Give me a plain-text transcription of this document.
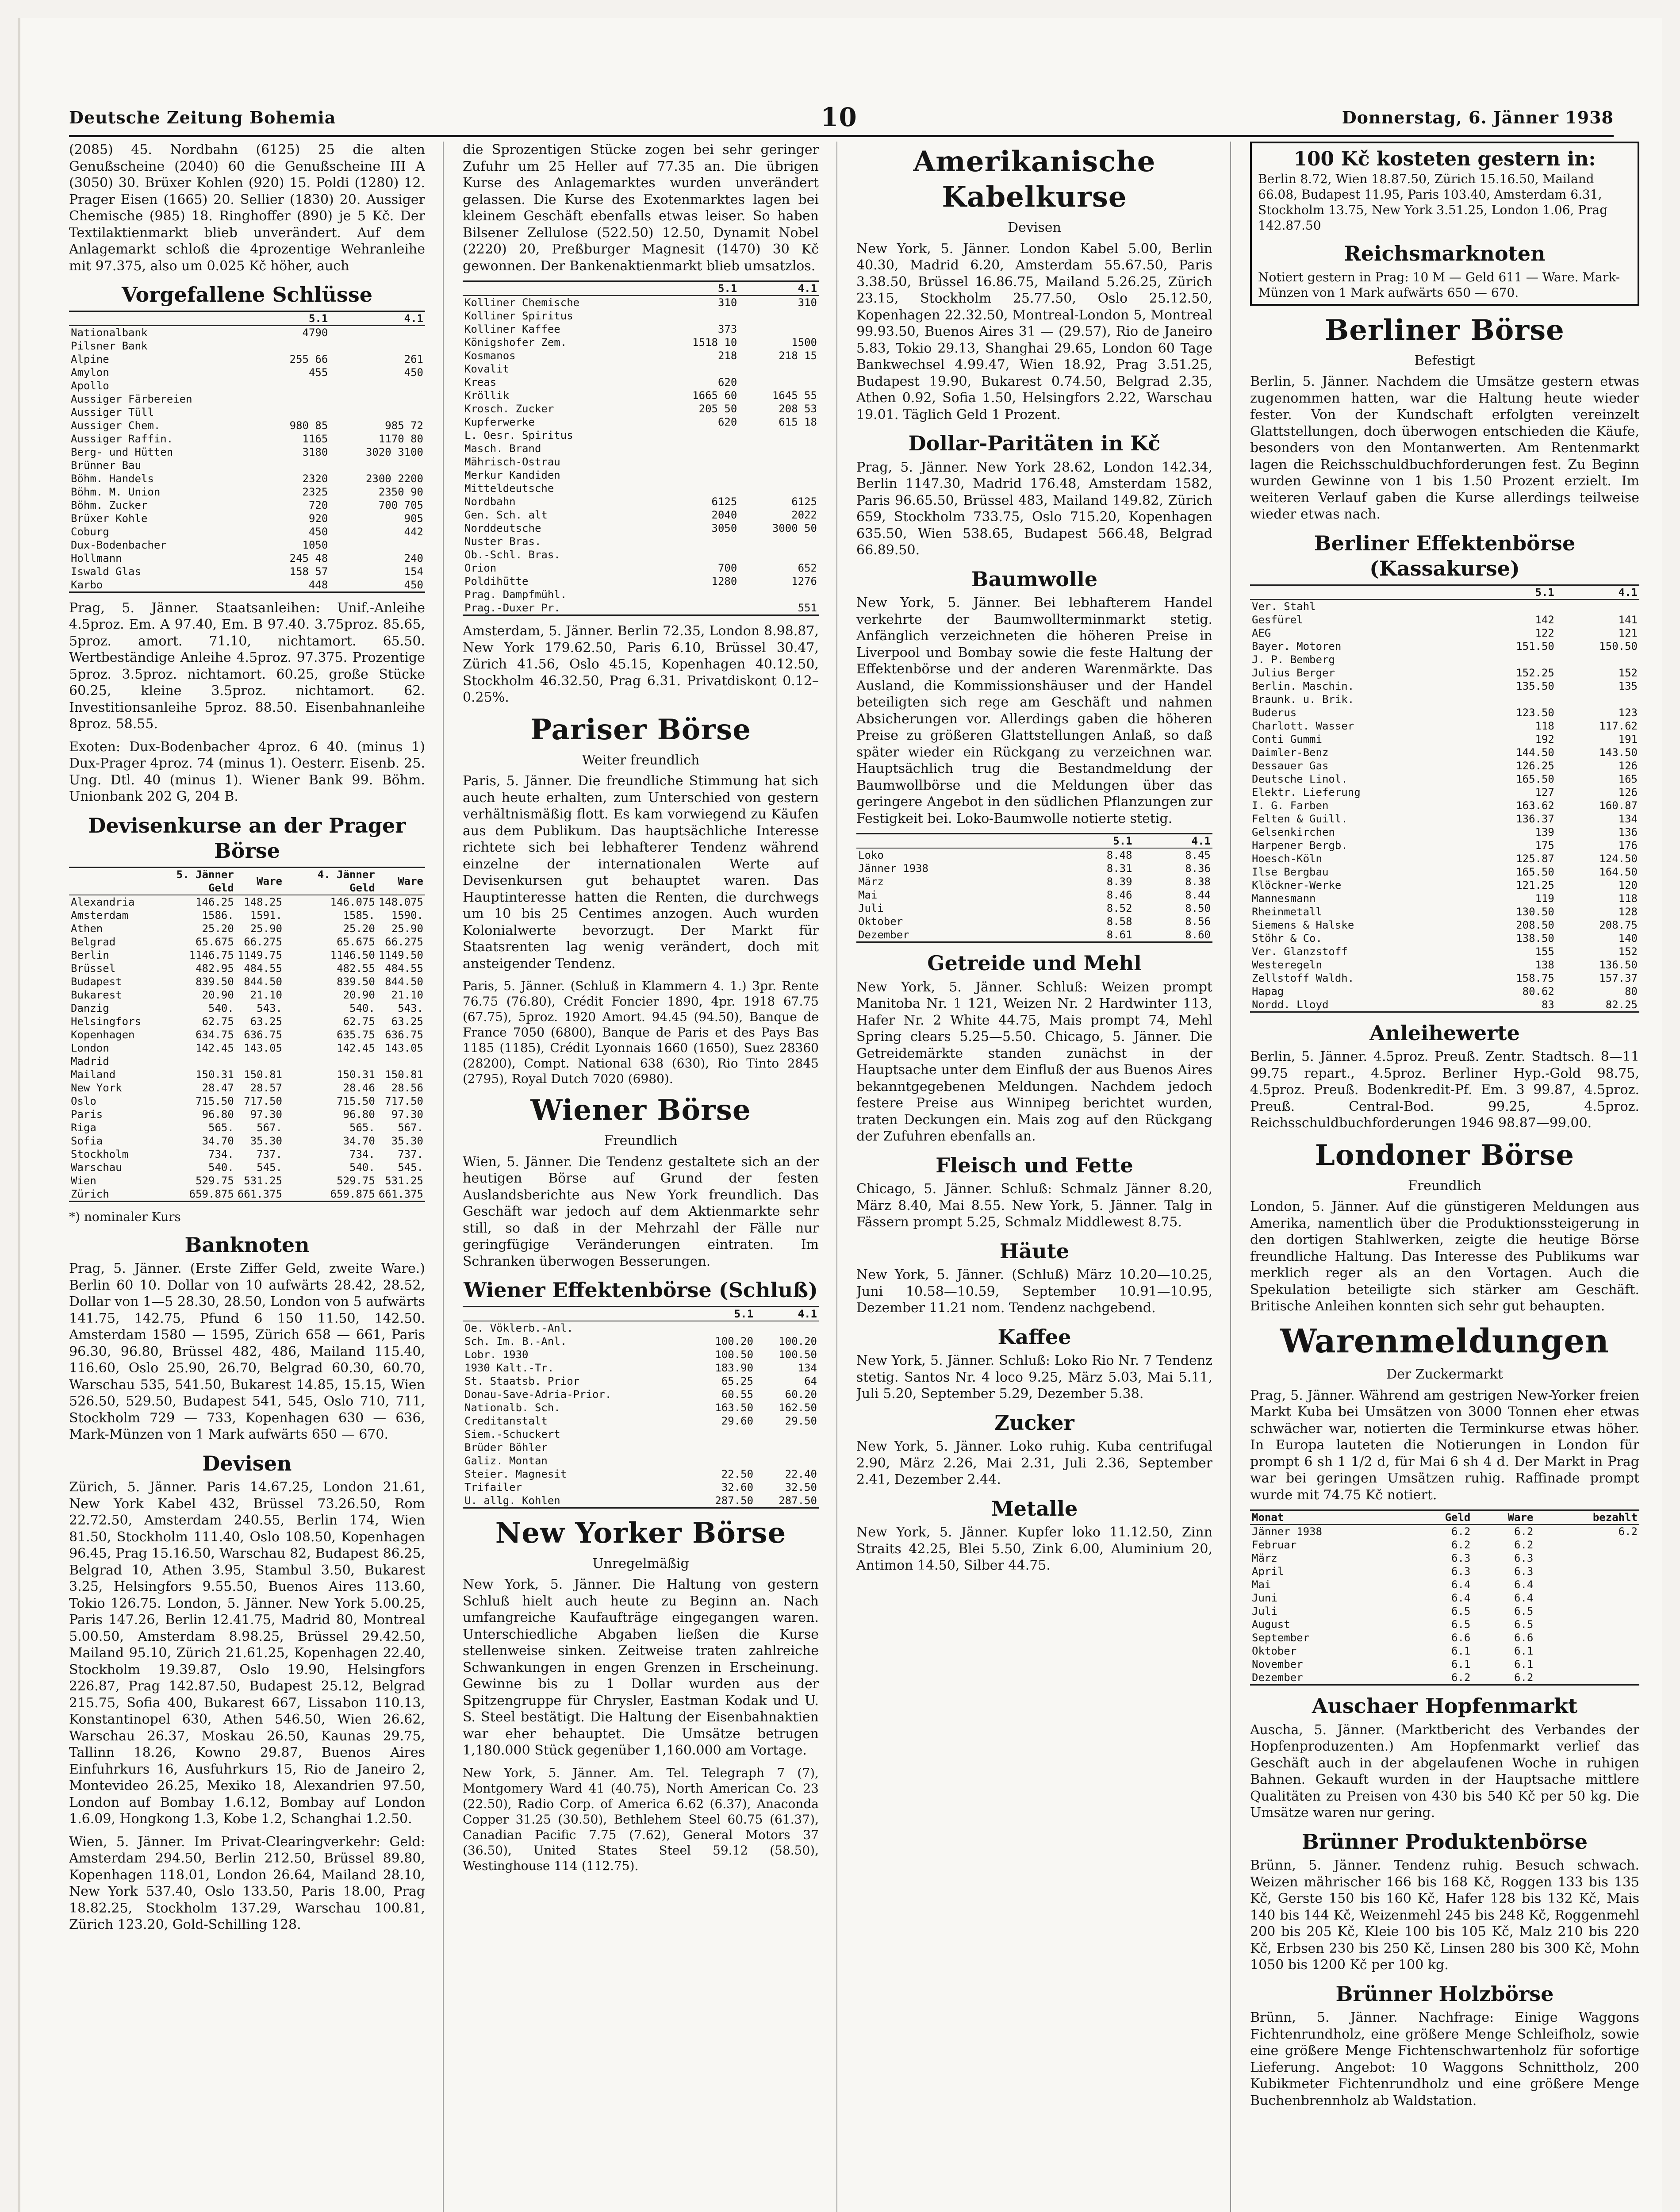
Deutsche Zeitung Bohemia	10	Donnerstag, 6. Jänner 1938

(2085) 45. Nordbahn (6125) 25 die alten Genußscheine (2040) 60 die Genußscheine III A (3050) 30. Brüxer Kohlen (920) 15. Poldi (1280) 12. Prager Eisen (1665) 20. Sellier (1830) 20. Aussiger Chemische (985) 18. Ringhoffer (890) je 5 Kč. Der Textilaktienmarkt blieb unverändert. Auf dem Anlagemarkt schloß die 4prozentige Wehranleihe mit 97.375, also um 0.025 Kč höher, auch

Vorgefallene Schlüsse
	5.1	4.1
Nationalbank	4790	
Pilsner Bank		
Alpine	255 66	261
Amylon	455	450
Apollo		
Aussiger Färbereien		
Aussiger Tüll		
Aussiger Chem.	980 85	985 72
Aussiger Raffin.	1165	1170 80
Berg- und Hütten	3180	3020 3100
Brünner Bau		
Böhm. Handels	2320	2300 2200
Böhm. M. Union	2325	2350 90
Böhm. Zucker	720	700 705
Brüxer Kohle	920	905
Coburg	450	442
Dux-Bodenbacher	1050	
Hollmann	245 48	240
Iswald Glas	158 57	154
Karbo	448	450

Prag, 5. Jänner. Staatsanleihen: Unif.-Anleihe 4.5proz. Em. A 97.40, Em. B 97.40. 3.75proz. 85.65, 5proz. amort. 71.10, nichtamort. 65.50. Wertbeständige Anleihe 4.5proz. 97.375. Prozentige 5proz. 3.5proz. nichtamort. 60.25, große Stücke 60.25, kleine 3.5proz. nichtamort. 62. Investitionsanleihe 5proz. 88.50. Eisenbahnanleihe 8proz. 58.55.

Exoten: Dux-Bodenbacher 4proz. 6 40. (minus 1) Dux-Prager 4proz. 74 (minus 1). Oesterr. Eisenb. 25. Ung. Dtl. 40 (minus 1). Wiener Bank 99. Böhm. Unionbank 202 G, 204 B.

Devisenkurse an der Prager Börse
	5. Jänner Geld	Ware	4. Jänner Geld	Ware
Alexandria	146.25	148.25	146.075	148.075
Amsterdam	1586.	1591.	1585.	1590.
Athen	25.20	25.90	25.20	25.90
Belgrad	65.675	66.275	65.675	66.275
Berlin	1146.75	1149.75	1146.50	1149.50
Brüssel	482.95	484.55	482.55	484.55
Budapest	839.50	844.50	839.50	844.50
Bukarest	20.90	21.10	20.90	21.10
Danzig	540.	543.	540.	543.
Helsingfors	62.75	63.25	62.75	63.25
Kopenhagen	634.75	636.75	635.75	636.75
London	142.45	143.05	142.45	143.05
Madrid				
Mailand	150.31	150.81	150.31	150.81
New York	28.47	28.57	28.46	28.56
Oslo	715.50	717.50	715.50	717.50
Paris	96.80	97.30	96.80	97.30
Riga	565.	567.	565.	567.
Sofia	34.70	35.30	34.70	35.30
Stockholm	734.	737.	734.	737.
Warschau	540.	545.	540.	545.
Wien	529.75	531.25	529.75	531.25
Zürich	659.875	661.375	659.875	661.375
*) nominaler Kurs
Banknoten

Prag, 5. Jänner. (Erste Ziffer Geld, zweite Ware.) Berlin 60 10. Dollar von 10 aufwärts 28.42, 28.52, Dollar von 1—5 28.30, 28.50, London von 5 aufwärts 141.75, 142.75, Pfund 6 150 11.50, 142.50. Amsterdam 1580 — 1595, Zürich 658 — 661, Paris 96.30, 96.80, Brüssel 482, 486, Mailand 115.40, 116.60, Oslo 25.90, 26.70, Belgrad 60.30, 60.70, Warschau 535, 541.50, Bukarest 14.85, 15.15, Wien 526.50, 529.50, Budapest 541, 545, Oslo 710, 711, Stockholm 729 — 733, Kopenhagen 630 — 636, Mark-Münzen von 1 Mark aufwärts 650 — 670.

Devisen

Zürich, 5. Jänner. Paris 14.67.25, London 21.61, New York Kabel 432, Brüssel 73.26.50, Rom 22.72.50, Amsterdam 240.55, Berlin 174, Wien 81.50, Stockholm 111.40, Oslo 108.50, Kopenhagen 96.45, Prag 15.16.50, Warschau 82, Budapest 86.25, Belgrad 10, Athen 3.95, Stambul 3.50, Bukarest 3.25, Helsingfors 9.55.50, Buenos Aires 113.60, Tokio 126.75. London, 5. Jänner. New York 5.00.25, Paris 147.26, Berlin 12.41.75, Madrid 80, Montreal 5.00.50, Amsterdam 8.98.25, Brüssel 29.42.50, Mailand 95.10, Zürich 21.61.25, Kopenhagen 22.40, Stockholm 19.39.87, Oslo 19.90, Helsingfors 226.87, Prag 142.87.50, Budapest 25.12, Belgrad 215.75, Sofia 400, Bukarest 667, Lissabon 110.13, Konstantinopel 630, Athen 546.50, Wien 26.62, Warschau 26.37, Moskau 26.50, Kaunas 29.75, Tallinn 18.26, Kowno 29.87, Buenos Aires Einfuhrkurs 16, Ausfuhrkurs 15, Rio de Janeiro 2, Montevideo 26.25, Mexiko 18, Alexandrien 97.50, London auf Bombay 1.6.12, Bombay auf London 1.6.09, Hongkong 1.3, Kobe 1.2, Schanghai 1.2.50.

Wien, 5. Jänner. Im Privat-Clearingverkehr: Geld: Amsterdam 294.50, Berlin 212.50, Brüssel 89.80, Kopenhagen 118.01, London 26.64, Mailand 28.10, New York 537.40, Oslo 133.50, Paris 18.00, Prag 18.82.25, Stockholm 137.29, Warschau 100.81, Zürich 123.20, Gold-Schilling 128.

die Sprozentigen Stücke zogen bei sehr geringer Zufuhr um 25 Heller auf 77.35 an. Die übrigen Kurse des Anlagemarktes wurden unverändert gelassen. Die Kurse des Exotenmarktes lagen bei kleinem Geschäft ebenfalls etwas leiser. So haben Bilsener Zellulose (522.50) 12.50, Dynamit Nobel (2220) 20, Preßburger Magnesit (1470) 30 Kč gewonnen. Der Bankenaktienmarkt blieb umsatzlos.

	5.1	4.1
Kolliner Chemische	310	310
Kolliner Spiritus		
Kolliner Kaffee	373	
Königshofer Zem.	1518 10	1500
Kosmanos	218	218 15
Kovalit		
Kreas	620	
Kröllik	1665 60	1645 55
Krosch. Zucker	205 50	208 53
Kupferwerke	620	615 18
L. Oesr. Spiritus		
Masch. Brand		
Mährisch-Ostrau		
Merkur Kandiden		
Mitteldeutsche		
Nordbahn	6125	6125
Gen. Sch. alt	2040	2022
Norddeutsche	3050	3000 50
Nuster Bras.		
Ob.-Schl. Bras.		
Orion	700	652
Poldihütte	1280	1276
Prag. Dampfmühl.		
Prag.-Duxer Pr.		551

Amsterdam, 5. Jänner. Berlin 72.35, London 8.98.87, New York 179.62.50, Paris 6.10, Brüssel 30.47, Zürich 41.56, Oslo 45.15, Kopenhagen 40.12.50, Stockholm 46.32.50, Prag 6.31. Privatdiskont 0.12–0.25%.

Pariser Börse
Weiter freundlich

Paris, 5. Jänner. Die freundliche Stimmung hat sich auch heute erhalten, zum Unterschied von gestern verhältnismäßig flott. Es kam vorwiegend zu Käufen aus dem Publikum. Das hauptsächliche Interesse richtete sich bei lebhafterer Tendenz während einzelne der internationalen Werte auf Devisenkursen gut behauptet waren. Das Hauptinteresse hatten die Renten, die durchwegs um 10 bis 25 Centimes anzogen. Auch wurden Kolonialwerte bevorzugt. Der Markt für Staatsrenten lag wenig verändert, doch mit ansteigender Tendenz.

Paris, 5. Jänner. (Schluß in Klammern 4. 1.) 3pr. Rente 76.75 (76.80), Crédit Foncier 1890, 4pr. 1918 67.75 (67.75), 5proz. 1920 Amort. 94.45 (94.50), Banque de France 7050 (6800), Banque de Paris et des Pays Bas 1185 (1185), Crédit Lyonnais 1660 (1650), Suez 28360 (28200), Compt. National 638 (630), Rio Tinto 2845 (2795), Royal Dutch 7020 (6980).

Wiener Börse
Freundlich

Wien, 5. Jänner. Die Tendenz gestaltete sich an der heutigen Börse auf Grund der festen Auslandsberichte aus New York freundlich. Das Geschäft war jedoch auf dem Aktienmarkte sehr still, so daß in der Mehrzahl der Fälle nur geringfügige Veränderungen eintraten. Im Schranken überwogen Besserungen.

Wiener Effektenbörse (Schluß)
	5.1	4.1
Oe. Vöklerb.-Anl.		
Sch. Im. B.-Anl.	100.20	100.20
Lobr. 1930	100.50	100.50
1930 Kalt.-Tr.	183.90	134
St. Staatsb. Prior	65.25	64
Donau-Save-Adria-Prior.	60.55	60.20
Nationalb. Sch.	163.50	162.50
Creditanstalt	29.60	29.50
Siem.-Schuckert		
Brüder Böhler		
Galiz. Montan		
Steier. Magnesit	22.50	22.40
Trifailer	32.60	32.50
U. allg. Kohlen	287.50	287.50
New Yorker Börse
Unregelmäßig

New York, 5. Jänner. Die Haltung von gestern Schluß hielt auch heute zu Beginn an. Nach umfangreiche Kaufaufträge eingegangen waren. Unterschiedliche Abgaben ließen die Kurse stellenweise sinken. Zeitweise traten zahlreiche Schwankungen in engen Grenzen in Erscheinung. Gewinne bis zu 1 Dollar wurden aus der Spitzengruppe für Chrysler, Eastman Kodak und U. S. Steel bestätigt. Die Haltung der Eisenbahnaktien war eher behauptet. Die Umsätze betrugen 1,180.000 Stück gegenüber 1,160.000 am Vortage.

New York, 5. Jänner. Am. Tel. Telegraph 7 (7), Montgomery Ward 41 (40.75), North American Co. 23 (22.50), Radio Corp. of America 6.62 (6.37), Anaconda Copper 31.25 (30.50), Bethlehem Steel 60.75 (61.37), Canadian Pacific 7.75 (7.62), General Motors 37 (36.50), United States Steel 59.12 (58.50), Westinghouse 114 (112.75).

Amerikanische Kabelkurse
Devisen

New York, 5. Jänner. London Kabel 5.00, Berlin 40.30, Madrid 6.20, Amsterdam 55.67.50, Paris 3.38.50, Brüssel 16.86.75, Mailand 5.26.25, Zürich 23.15, Stockholm 25.77.50, Oslo 25.12.50, Kopenhagen 22.32.50, Montreal-London 5, Montreal 99.93.50, Buenos Aires 31 — (29.57), Rio de Janeiro 5.83, Tokio 29.13, Shanghai 29.65, London 60 Tage Bankwechsel 4.99.47, Wien 18.92, Prag 3.51.25, Budapest 19.90, Bukarest 0.74.50, Belgrad 2.35, Athen 0.92, Sofia 1.50, Helsingfors 2.22, Warschau 19.01. Täglich Geld 1 Prozent.

Dollar-Paritäten in Kč

Prag, 5. Jänner. New York 28.62, London 142.34, Berlin 1147.30, Madrid 176.48, Amsterdam 1582, Paris 96.65.50, Brüssel 483, Mailand 149.82, Zürich 659, Stockholm 733.75, Oslo 715.20, Kopenhagen 635.50, Wien 538.65, Budapest 566.48, Belgrad 66.89.50.

Baumwolle

New York, 5. Jänner. Bei lebhafterem Handel verkehrte der Baumwollterminmarkt stetig. Anfänglich verzeichneten die höheren Preise in Liverpool und Bombay sowie die feste Haltung der Effektenbörse und der anderen Warenmärkte. Das Ausland, die Kommissionshäuser und der Handel beteiligten sich rege am Geschäft und nahmen Absicherungen vor. Allerdings gaben die höheren Preise zu größeren Glattstellungen Anlaß, so daß später wieder ein Rückgang zu verzeichnen war. Hauptsächlich trug die Bestandmeldung der Baumwollbörse und die Meldungen über das geringere Angebot in den südlichen Pflanzungen zur Festigkeit bei. Loko-Baumwolle notierte stetig.

	5.1	4.1
Loko	8.48	8.45
Jänner 1938	8.31	8.36
März	8.39	8.38
Mai	8.46	8.44
Juli	8.52	8.50
Oktober	8.58	8.56
Dezember	8.61	8.60
Getreide und Mehl

New York, 5. Jänner. Schluß: Weizen prompt Manitoba Nr. 1 121, Weizen Nr. 2 Hardwinter 113, Hafer Nr. 2 White 44.75, Mais prompt 74, Mehl Spring clears 5.25—5.50. Chicago, 5. Jänner. Die Getreidemärkte standen zunächst in der Hauptsache unter dem Einfluß der aus Buenos Aires bekanntgegebenen Meldungen. Nachdem jedoch festere Preise aus Winnipeg berichtet wurden, traten Deckungen ein. Mais zog auf den Rückgang der Zufuhren ebenfalls an.

Fleisch und Fette

Chicago, 5. Jänner. Schluß: Schmalz Jänner 8.20, März 8.40, Mai 8.55. New York, 5. Jänner. Talg in Fässern prompt 5.25, Schmalz Middlewest 8.75.

Häute

New York, 5. Jänner. (Schluß) März 10.20—10.25, Juni 10.58—10.59, September 10.91—10.95, Dezember 11.21 nom. Tendenz nachgebend.

Kaffee

New York, 5. Jänner. Schluß: Loko Rio Nr. 7 Tendenz stetig. Santos Nr. 4 loco 9.25, März 5.03, Mai 5.11, Juli 5.20, September 5.29, Dezember 5.38.

Zucker

New York, 5. Jänner. Loko ruhig. Kuba centrifugal 2.90, März 2.26, Mai 2.31, Juli 2.36, September 2.41, Dezember 2.44.

Metalle

New York, 5. Jänner. Kupfer loko 11.12.50, Zinn Straits 42.25, Blei 5.50, Zink 6.00, Aluminium 20, Antimon 14.50, Silber 44.75.

100 Kč kosteten gestern in:
Berlin 8.72, Wien 18.87.50, Zürich 15.16.50, Mailand 66.08, Budapest 11.95, Paris 103.40, Amsterdam 6.31, Stockholm 13.75, New York 3.51.25, London 1.06, Prag 142.87.50
Reichsmarknoten
Notiert gestern in Prag: 10 M — Geld 611 — Ware. Mark-Münzen von 1 Mark aufwärts 650 — 670.
Berliner Börse
Befestigt

Berlin, 5. Jänner. Nachdem die Umsätze gestern etwas zugenommen hatten, war die Haltung heute wieder fester. Von der Kundschaft erfolgten vereinzelt Glattstellungen, doch überwogen entschieden die Käufe, besonders von den Montanwerten. Am Rentenmarkt lagen die Reichsschuldbuchforderungen fest. Zu Beginn wurden Gewinne von 1 bis 1.50 Prozent erzielt. Im weiteren Verlauf gaben die Kurse allerdings teilweise wieder etwas nach.

Berliner Effektenbörse (Kassakurse)
	5.1	4.1
Ver. Stahl		
Gesfürel	142	141
AEG	122	121
Bayer. Motoren	151.50	150.50
J. P. Bemberg		
Julius Berger	152.25	152
Berlin. Maschin.	135.50	135
Braunk. u. Brik.		
Buderus	123.50	123
Charlott. Wasser	118	117.62
Conti Gummi	192	191
Daimler-Benz	144.50	143.50
Dessauer Gas	126.25	126
Deutsche Linol.	165.50	165
Elektr. Lieferung	127	126
I. G. Farben	163.62	160.87
Felten & Guill.	136.37	134
Gelsenkirchen	139	136
Harpener Bergb.	175	176
Hoesch-Köln	125.87	124.50
Ilse Bergbau	165.50	164.50
Klöckner-Werke	121.25	120
Mannesmann	119	118
Rheinmetall	130.50	128
Siemens & Halske	208.50	208.75
Stöhr & Co.	138.50	140
Ver. Glanzstoff	155	152
Westeregeln	138	136.50
Zellstoff Waldh.	158.75	157.37
Hapag	80.62	80
Nordd. Lloyd	83	82.25
Anleihewerte

Berlin, 5. Jänner. 4.5proz. Preuß. Zentr. Stadtsch. 8—11 99.75 repart., 4.5proz. Berliner Hyp.-Gold 98.75, 4.5proz. Preuß. Bodenkredit-Pf. Em. 3 99.87, 4.5proz. Preuß. Central-Bod. 99.25, 4.5proz. Reichsschuldbuchforderungen 1946 98.87—99.00.

Londoner Börse
Freundlich

London, 5. Jänner. Auf die günstigeren Meldungen aus Amerika, namentlich über die Produktionssteigerung in den dortigen Stahlwerken, zeigte die heutige Börse freundliche Haltung. Das Interesse des Publikums war merklich reger als an den Vortagen. Auch die Spekulation beteiligte sich stärker am Geschäft. Britische Anleihen konnten sich sehr gut behaupten.

Warenmeldungen
Der Zuckermarkt

Prag, 5. Jänner. Während am gestrigen New-Yorker freien Markt Kuba bei Umsätzen von 3000 Tonnen eher etwas schwächer war, notierten die Terminkurse etwas höher. In Europa lauteten die Notierungen in London für prompt 6 sh 1 1/2 d, für Mai 6 sh 4 d. Der Markt in Prag war bei geringen Umsätzen ruhig. Raffinade prompt wurde mit 74.75 Kč notiert.

Monat	Geld	Ware	bezahlt
Jänner 1938	6.2	6.2	6.2
Februar	6.2	6.2	
März	6.3	6.3	
April	6.3	6.3	
Mai	6.4	6.4	
Juni	6.4	6.4	
Juli	6.5	6.5	
August	6.5	6.5	
September	6.6	6.6	
Oktober	6.1	6.1	
November	6.1	6.1	
Dezember	6.2	6.2	
Auschaer Hopfenmarkt

Auscha, 5. Jänner. (Marktbericht des Verbandes der Hopfenproduzenten.) Am Hopfenmarkt verlief das Geschäft auch in der abgelaufenen Woche in ruhigen Bahnen. Gekauft wurden in der Hauptsache mittlere Qualitäten zu Preisen von 430 bis 540 Kč per 50 kg. Die Umsätze waren nur gering.

Brünner Produktenbörse

Brünn, 5. Jänner. Tendenz ruhig. Besuch schwach. Weizen mährischer 166 bis 168 Kč, Roggen 133 bis 135 Kč, Gerste 150 bis 160 Kč, Hafer 128 bis 132 Kč, Mais 140 bis 144 Kč, Weizenmehl 245 bis 248 Kč, Roggenmehl 200 bis 205 Kč, Kleie 100 bis 105 Kč, Malz 210 bis 220 Kč, Erbsen 230 bis 250 Kč, Linsen 280 bis 300 Kč, Mohn 1050 bis 1200 Kč per 100 kg.

Brünner Holzbörse

Brünn, 5. Jänner. Nachfrage: Einige Waggons Fichtenrundholz, eine größere Menge Schleifholz, sowie eine größere Menge Fichtenschwartenholz für sofortige Lieferung. Angebot: 10 Waggons Schnittholz, 200 Kubikmeter Fichtenrundholz und eine größere Menge Buchenbrennholz ab Waldstation.
